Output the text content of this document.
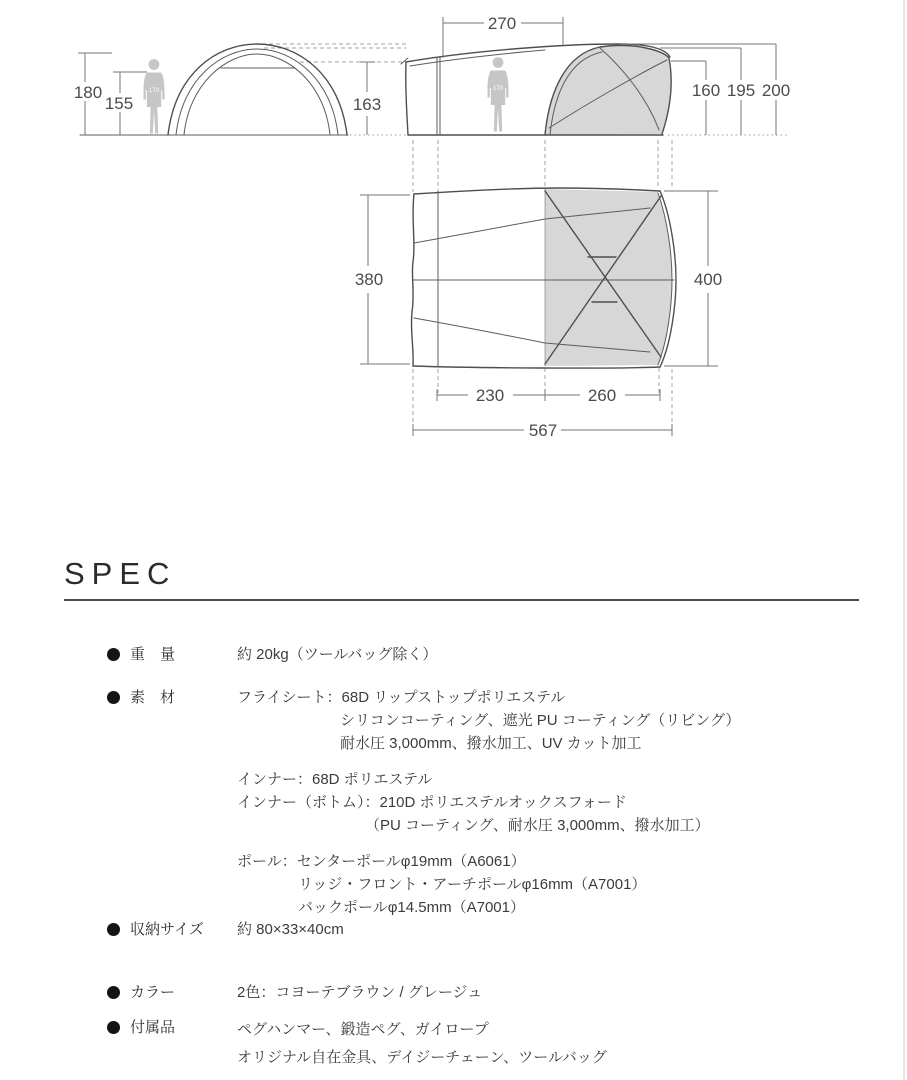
170
180
155	163
170
270
160 195 200
380	400
230	260
567
SPEC
重　量	約 20kg（ツールバッグ除く）
素　材	フライシート：68D リップストップポリエステル
シリコンコーティング、遮光 PU コーティング（リビング）
耐水圧 3,000mm、撥水加工、UV カット加工
インナー：68D ポリエステル
インナー（ボトム）：210D ポリエステルオックスフォード
（PU コーティング、耐水圧 3,000mm、撥水加工）
ポール：センターポールφ19mm（A6061）
リッジ・フロント・アーチポールφ16mm（A7001）
バックポールφ14.5mm（A7001）
収納サイズ	約 80×33×40cm
カラー	2色：コヨーテブラウン / グレージュ
付属品	ペグハンマー、鍛造ペグ、ガイロープ
オリジナル自在金具、デイジーチェーン、ツールバッグ
